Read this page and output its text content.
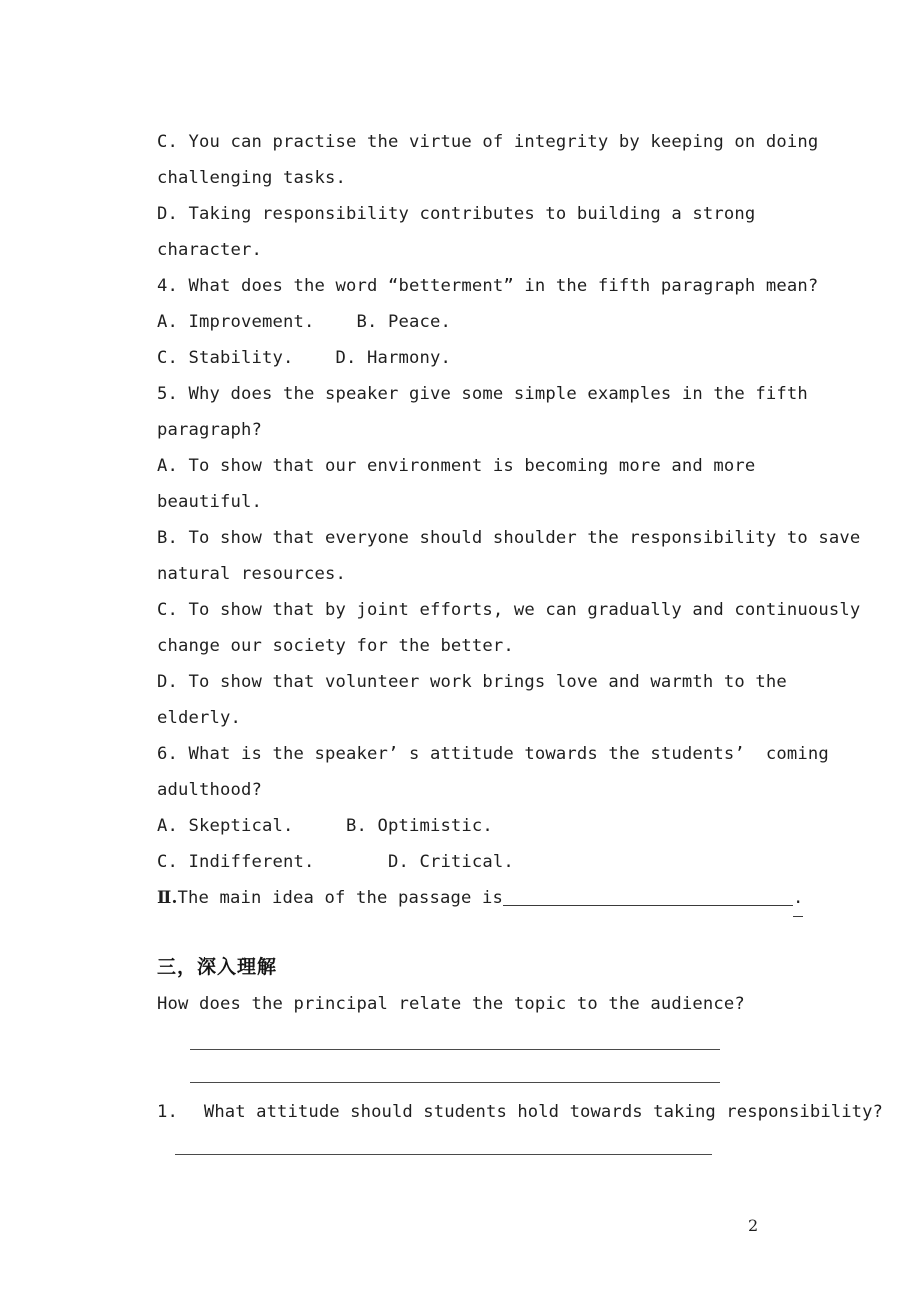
C. You can practise the virtue of integrity by keeping on doing
challenging tasks.
D. Taking responsibility contributes to building a strong
character.
4. What does the word “betterment” in the fifth paragraph mean?
A. Improvement.    B. Peace.
C. Stability.    D. Harmony.
5. Why does the speaker give some simple examples in the fifth
paragraph?
A. To show that our environment is becoming more and more
beautiful.
B. To show that everyone should shoulder the responsibility to save
natural resources.
C. To show that by joint efforts, we can gradually and continuously
change our society for the better.
D. To show that volunteer work brings love and warmth to the
elderly.
6. What is the speaker’ s attitude towards the students’  coming
adulthood?
A. Skeptical.     B. Optimistic.
C. Indifferent.       D. Critical.
Ⅱ.The main idea of the passage is	.
三，深入理解
How does the principal relate the topic to the audience?
1. What attitude should students hold towards taking responsibility?
2
